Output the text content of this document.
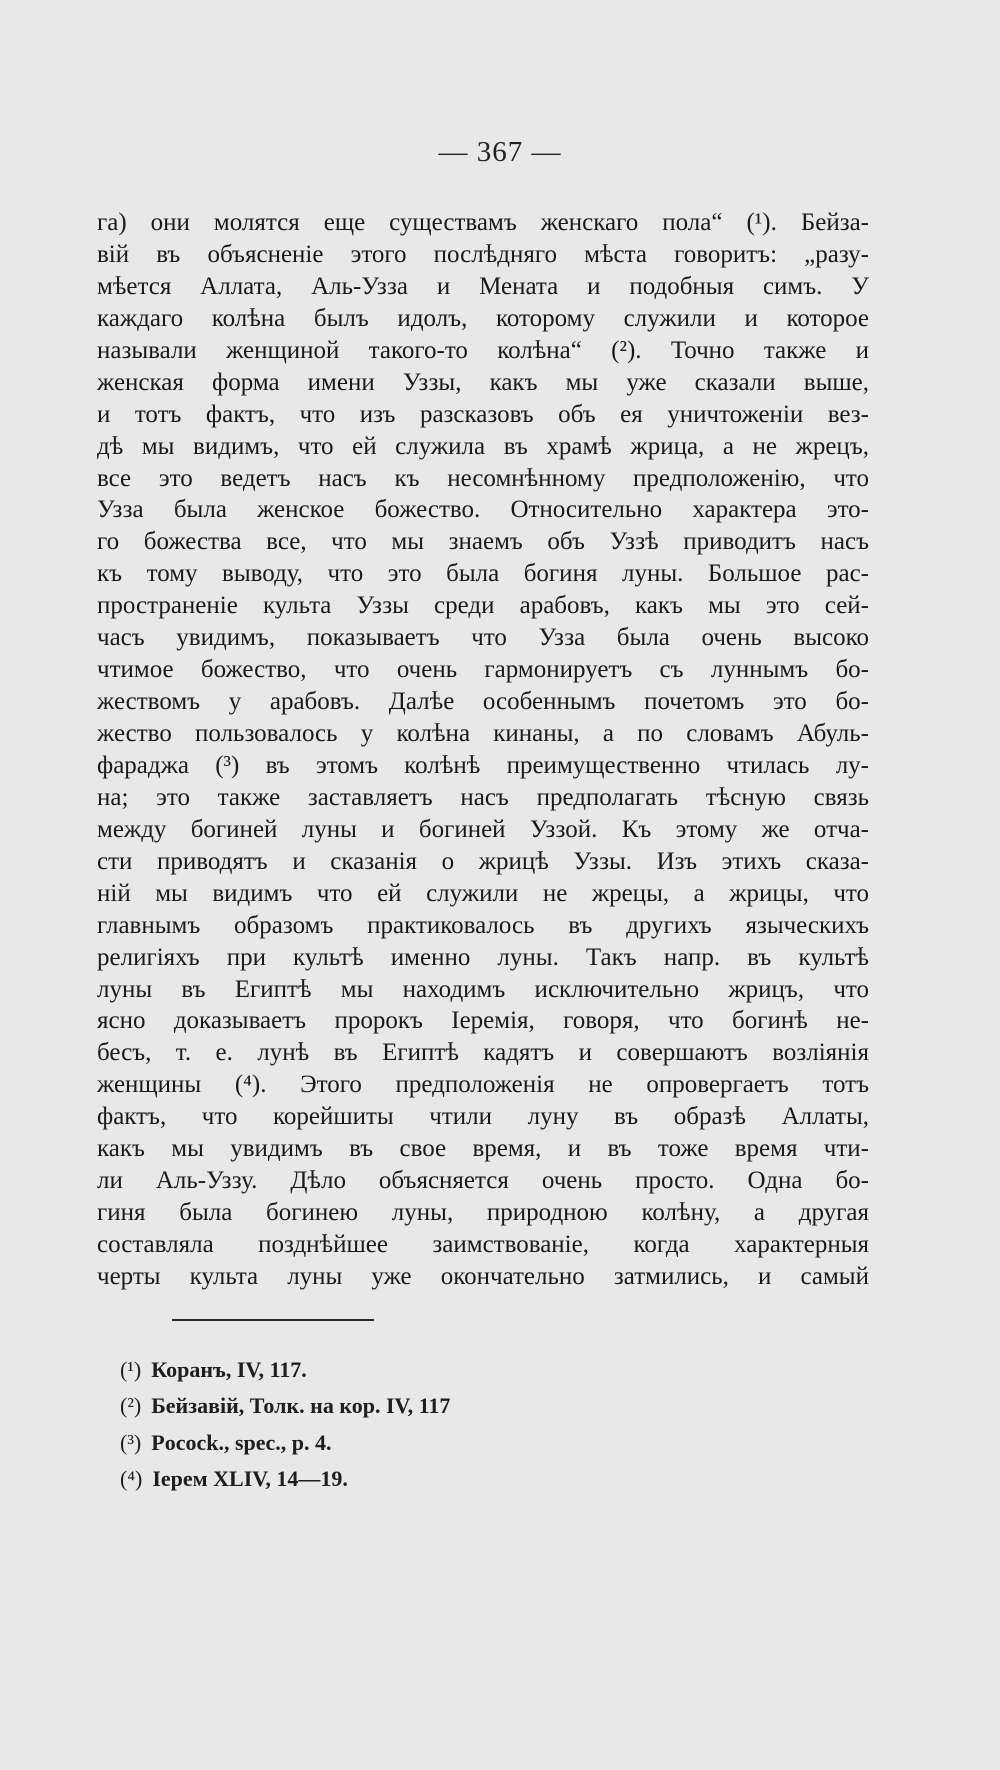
— 367 —
га) они молятся еще существамъ женскаго пола“ (¹). Бейза-
вій въ объясненіе этого послѣдняго мѣста говоритъ: „разу-
мѣется Аллата, Аль-Узза и Мената и подобныя симъ. У
каждаго колѣна былъ идолъ, которому служили и которое
называли женщиной такого-то колѣна“ (²). Точно также и
женская форма имени Уззы, какъ мы уже сказали выше,
и тотъ фактъ, что изъ разсказовъ объ ея уничтоженіи вез-
дѣ мы видимъ, что ей служила въ храмѣ жрица, а не жрецъ,
все это ведетъ насъ къ несомнѣнному предположенію, что
Узза была женское божество. Относительно характера это-
го божества все, что мы знаемъ объ Уззѣ приводитъ насъ
къ тому выводу, что это была богиня луны. Большое рас-
пространеніе культа Уззы среди арабовъ, какъ мы это сей-
часъ увидимъ, показываетъ что Узза была очень высоко
чтимое божество, что очень гармонируетъ съ луннымъ бо-
жествомъ у арабовъ. Далѣе особеннымъ почетомъ это бо-
жество пользовалось у колѣна кинаны, а по словамъ Абуль-
фараджа (³) въ этомъ колѣнѣ преимущественно чтилась лу-
на; это также заставляетъ насъ предполагать тѣсную связь
между богиней луны и богиней Уззой. Къ этому же отча-
сти приводятъ и сказанія о жрицѣ Уззы. Изъ этихъ сказа-
ній мы видимъ что ей служили не жрецы, а жрицы, что
главнымъ образомъ практиковалось въ другихъ языческихъ
религіяхъ при культѣ именно луны. Такъ напр. въ культѣ
луны въ Египтѣ мы находимъ исключительно жрицъ, что
ясно доказываетъ пророкъ Іеремія, говоря, что богинѣ не-
бесъ, т. е. лунѣ въ Египтѣ кадятъ и совершаютъ возліянія
женщины (⁴). Этого предположенія не опровергаетъ тотъ
фактъ, что корейшиты чтили луну въ образѣ Аллаты,
какъ мы увидимъ въ свое время, и въ тоже время чти-
ли Аль-Уззу. Дѣло объясняется очень просто. Одна бо-
гиня была богинею луны, природною колѣну, а другая
составляла позднѣйшее заимствованіе, когда характерныя
черты культа луны уже окончательно затмились, и самый
(¹) Коранъ, IV, 117.
(²) Бейзавій, Толк. на кор. IV, 117
(³) Pocock., spec., p. 4.
(⁴) Іерем XLIV, 14—19.
